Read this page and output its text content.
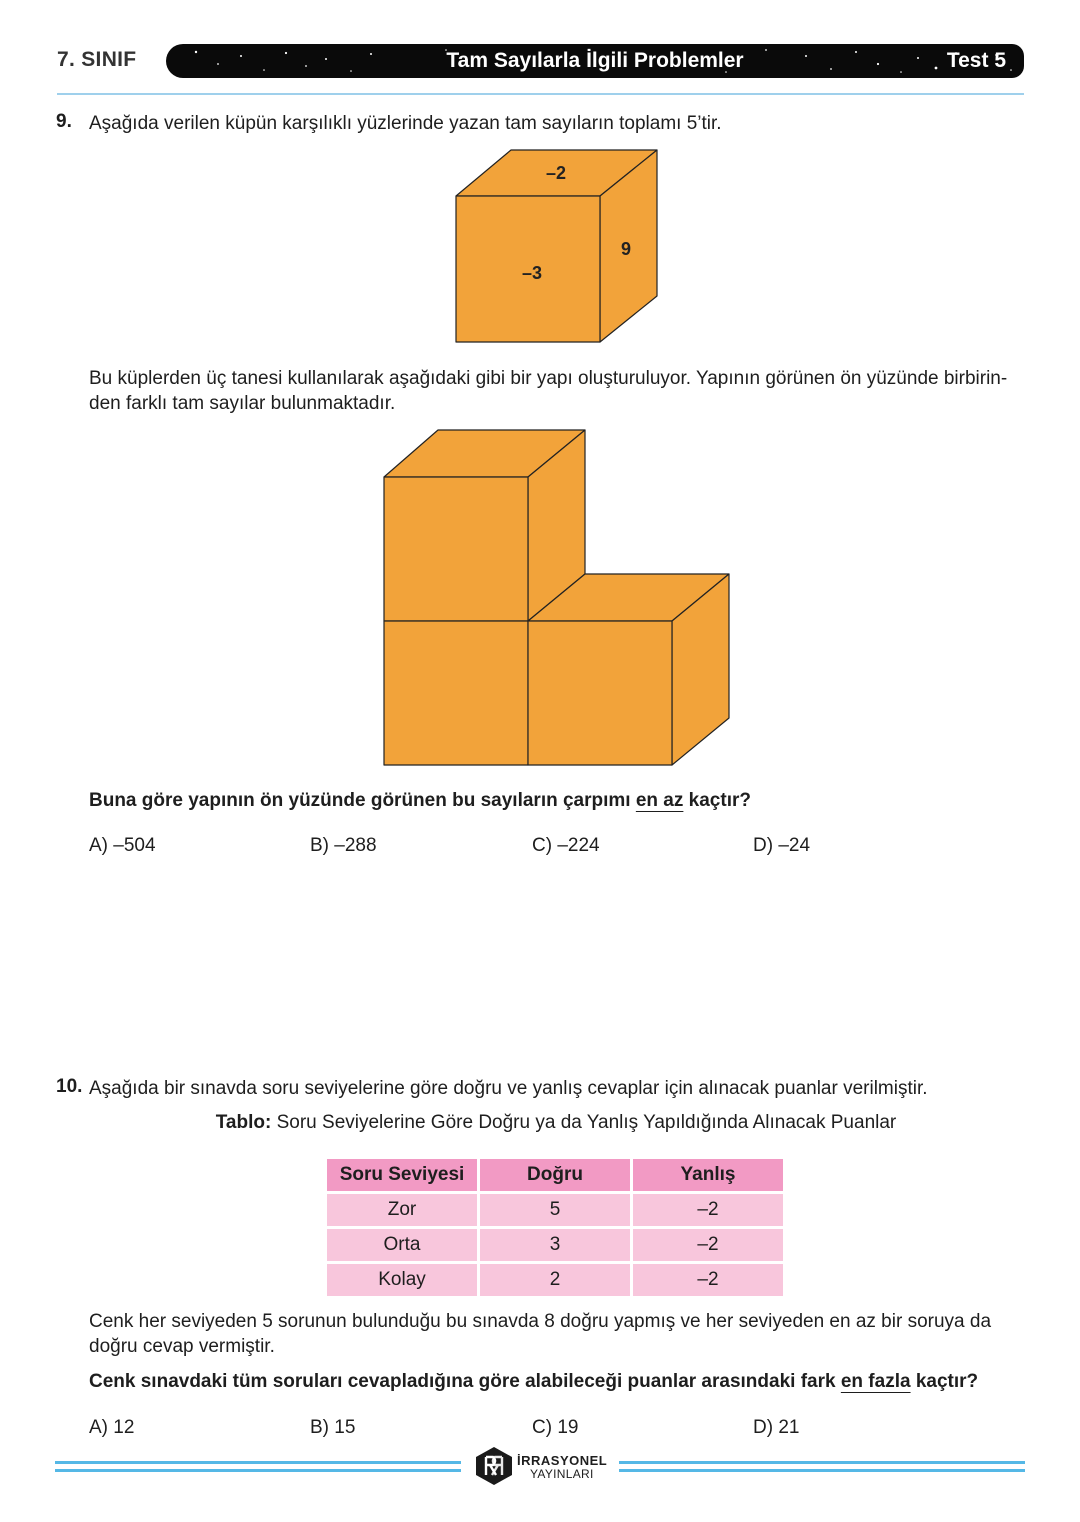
7. SINIF	Tam Sayılarla İlgili Problemler	Test 5
9. Aşağıda verilen küpün karşılıklı yüzlerinde yazan tam sayıların toplamı 5’tir.
–2
–3
9
Bu küplerden üç tanesi kullanılarak aşağıdaki gibi bir yapı oluşturuluyor. Yapının görünen ön yüzünde birbirin-den farklı tam sayılar bulunmaktadır.
Buna göre yapının ön yüzünde görünen bu sayıların çarpımı en az kaçtır?
A) –504	B) –288	C) –224	D) –24
10. Aşağıda bir sınavda soru seviyelerine göre doğru ve yanlış cevaplar için alınacak puanlar verilmiştir.
Tablo: Soru Seviyelerine Göre Doğru ya da Yanlış Yapıldığında Alınacak Puanlar
Soru Seviyesi	Doğru	Yanlış
Zor	5	–2
Orta	3	–2
Kolay	2	–2
Cenk her seviyeden 5 sorunun bulunduğu bu sınavda 8 doğru yapmış ve her seviyeden en az bir soruya da doğru cevap vermiştir.
Cenk sınavdaki tüm soruları cevapladığına göre alabileceği puanlar arasındaki fark en fazla kaçtır?
A) 12	B) 15	C) 19	D) 21
İRRASYONEL
YAYINLARI
